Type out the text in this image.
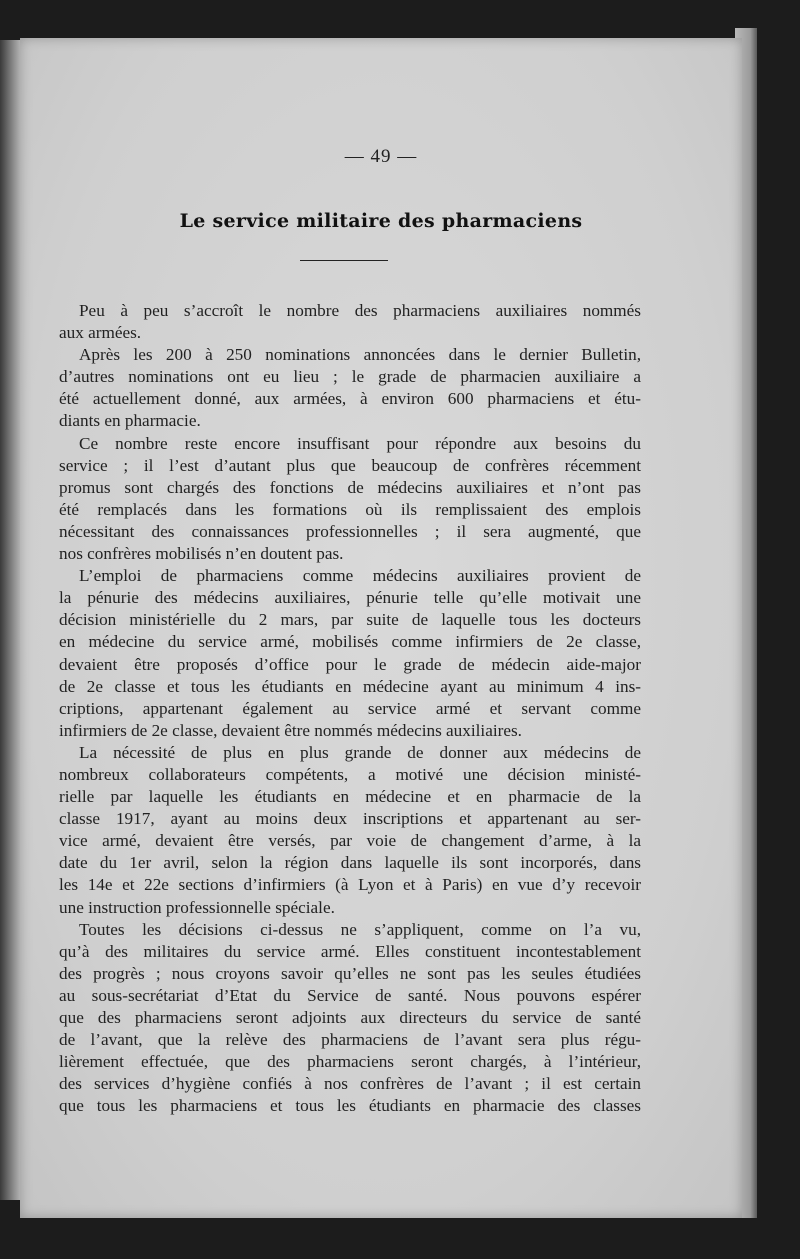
— 49 —
Le service militaire des pharmaciens
Peu à peu s’accroît le nombre des pharmaciens auxiliaires nommés
aux armées.
Après les 200 à 250 nominations annoncées dans le dernier Bulletin,
d’autres nominations ont eu lieu ; le grade de pharmacien auxiliaire a
été actuellement donné, aux armées, à environ 600 pharmaciens et étu-
diants en pharmacie.
Ce nombre reste encore insuffisant pour répondre aux besoins du
service ; il l’est d’autant plus que beaucoup de confrères récemment
promus sont chargés des fonctions de médecins auxiliaires et n’ont pas
été remplacés dans les formations où ils remplissaient des emplois
nécessitant des connaissances professionnelles ; il sera augmenté, que
nos confrères mobilisés n’en doutent pas.
L’emploi de pharmaciens comme médecins auxiliaires provient de
la pénurie des médecins auxiliaires, pénurie telle qu’elle motivait une
décision ministérielle du 2 mars, par suite de laquelle tous les docteurs
en médecine du service armé, mobilisés comme infirmiers de 2e classe,
devaient être proposés d’office pour le grade de médecin aide-major
de 2e classe et tous les étudiants en médecine ayant au minimum 4 ins-
criptions, appartenant également au service armé et servant comme
infirmiers de 2e classe, devaient être nommés médecins auxiliaires.
La nécessité de plus en plus grande de donner aux médecins de
nombreux collaborateurs compétents, a motivé une décision ministé-
rielle par laquelle les étudiants en médecine et en pharmacie de la
classe 1917, ayant au moins deux inscriptions et appartenant au ser-
vice armé, devaient être versés, par voie de changement d’arme, à la
date du 1er avril, selon la région dans laquelle ils sont incorporés, dans
les 14e et 22e sections d’infirmiers (à Lyon et à Paris) en vue d’y recevoir
une instruction professionnelle spéciale.
Toutes les décisions ci-dessus ne s’appliquent, comme on l’a vu,
qu’à des militaires du service armé. Elles constituent incontestablement
des progrès ; nous croyons savoir qu’elles ne sont pas les seules étudiées
au sous-secrétariat d’Etat du Service de santé. Nous pouvons espérer
que des pharmaciens seront adjoints aux directeurs du service de santé
de l’avant, que la relève des pharmaciens de l’avant sera plus régu-
lièrement effectuée, que des pharmaciens seront chargés, à l’intérieur,
des services d’hygiène confiés à nos confrères de l’avant ; il est certain
que tous les pharmaciens et tous les étudiants en pharmacie des classes
